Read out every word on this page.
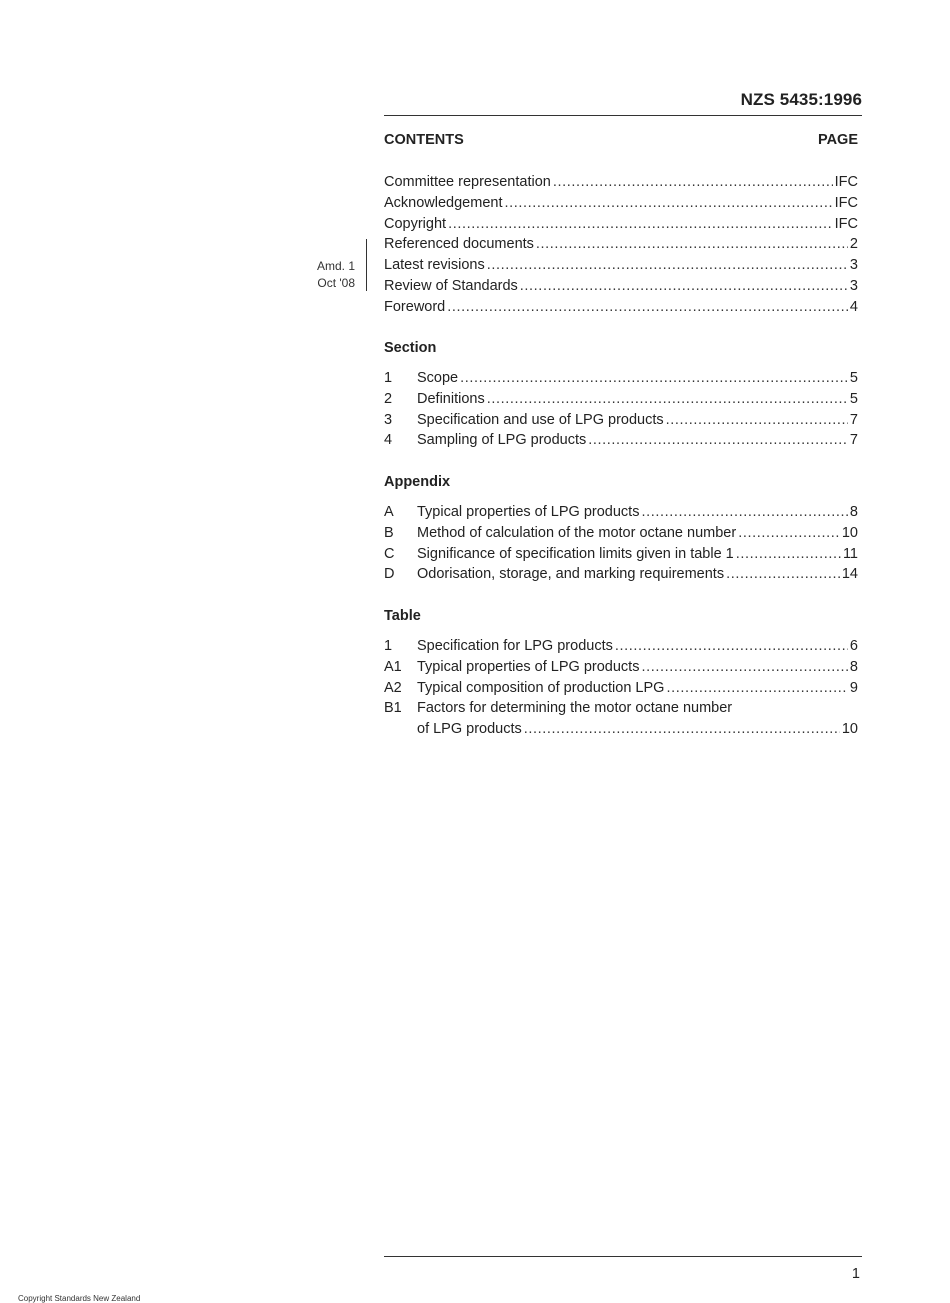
NZS 5435:1996
CONTENTS	PAGE
Committee representation .....	IFC
Acknowledgement .....	IFC
Copyright .....	IFC
Referenced documents .....	2
Latest revisions .....	3
Review of Standards .....	3
Foreword .....	4
Amd. 1
Oct '08
Section
1	Scope .....	5
2	Definitions .....	5
3	Specification and use of LPG products .....	7
4	Sampling of LPG products .....	7
Appendix
A	Typical properties of LPG products .....	8
B	Method of calculation of the motor octane number .....	10
C	Significance of specification limits given in table 1 .....	11
D	Odorisation, storage, and marking requirements .....	14
Table
1	Specification for LPG products .....	6
A1	Typical properties of LPG products .....	8
A2	Typical composition of production LPG .....	9
B1	Factors for determining the motor octane number
of LPG products .....	10
1
Copyright Standards New Zealand
